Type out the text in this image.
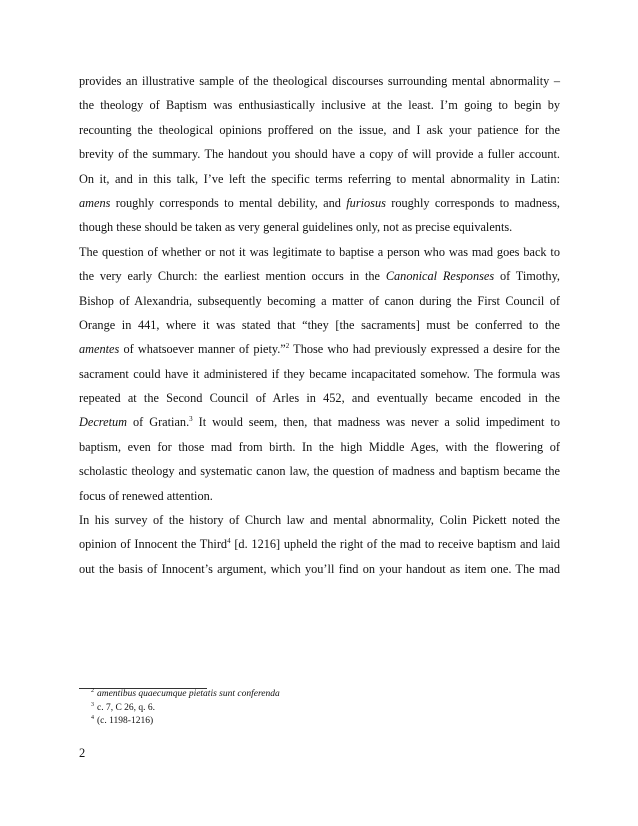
provides an illustrative sample of the theological discourses surrounding mental abnormality –
the theology of Baptism was enthusiastically inclusive at the least. I’m going to begin by
recounting the theological opinions proffered on the issue, and I ask your patience for the
brevity of the summary. The handout you should have a copy of will provide a fuller account.
On it, and in this talk, I’ve left the specific terms referring to mental abnormality in Latin:
amens roughly corresponds to mental debility, and furiosus roughly corresponds to madness,
though these should be taken as very general guidelines only, not as precise equivalents.
The question of whether or not it was legitimate to baptise a person who was mad goes back to
the very early Church: the earliest mention occurs in the Canonical Responses of Timothy,
Bishop of Alexandria, subsequently becoming a matter of canon during the First Council of
Orange in 441, where it was stated that “they [the sacraments] must be conferred to the
amentes of whatsoever manner of piety.”$^2$ Those who had previously expressed a desire for the
sacrament could have it administered if they became incapacitated somehow. The formula was
repeated at the Second Council of Arles in 452, and eventually became encoded in the
Decretum of Gratian.$^3$ It would seem, then, that madness was never a solid impediment to
baptism, even for those mad from birth. In the high Middle Ages, with the flowering of
scholastic theology and systematic canon law, the question of madness and baptism became the
focus of renewed attention.
In his survey of the history of Church law and mental abnormality, Colin Pickett noted the
opinion of Innocent the Third$^4$ [d. 1216] upheld the right of the mad to receive baptism and laid
out the basis of Innocent’s argument, which you’ll find on your handout as item one. The mad
$^2$ amentibus quaecumque pietatis sunt conferenda
$^3$ c. 7, C 26, q. 6.
$^4$ (c. 1198-1216)
2
